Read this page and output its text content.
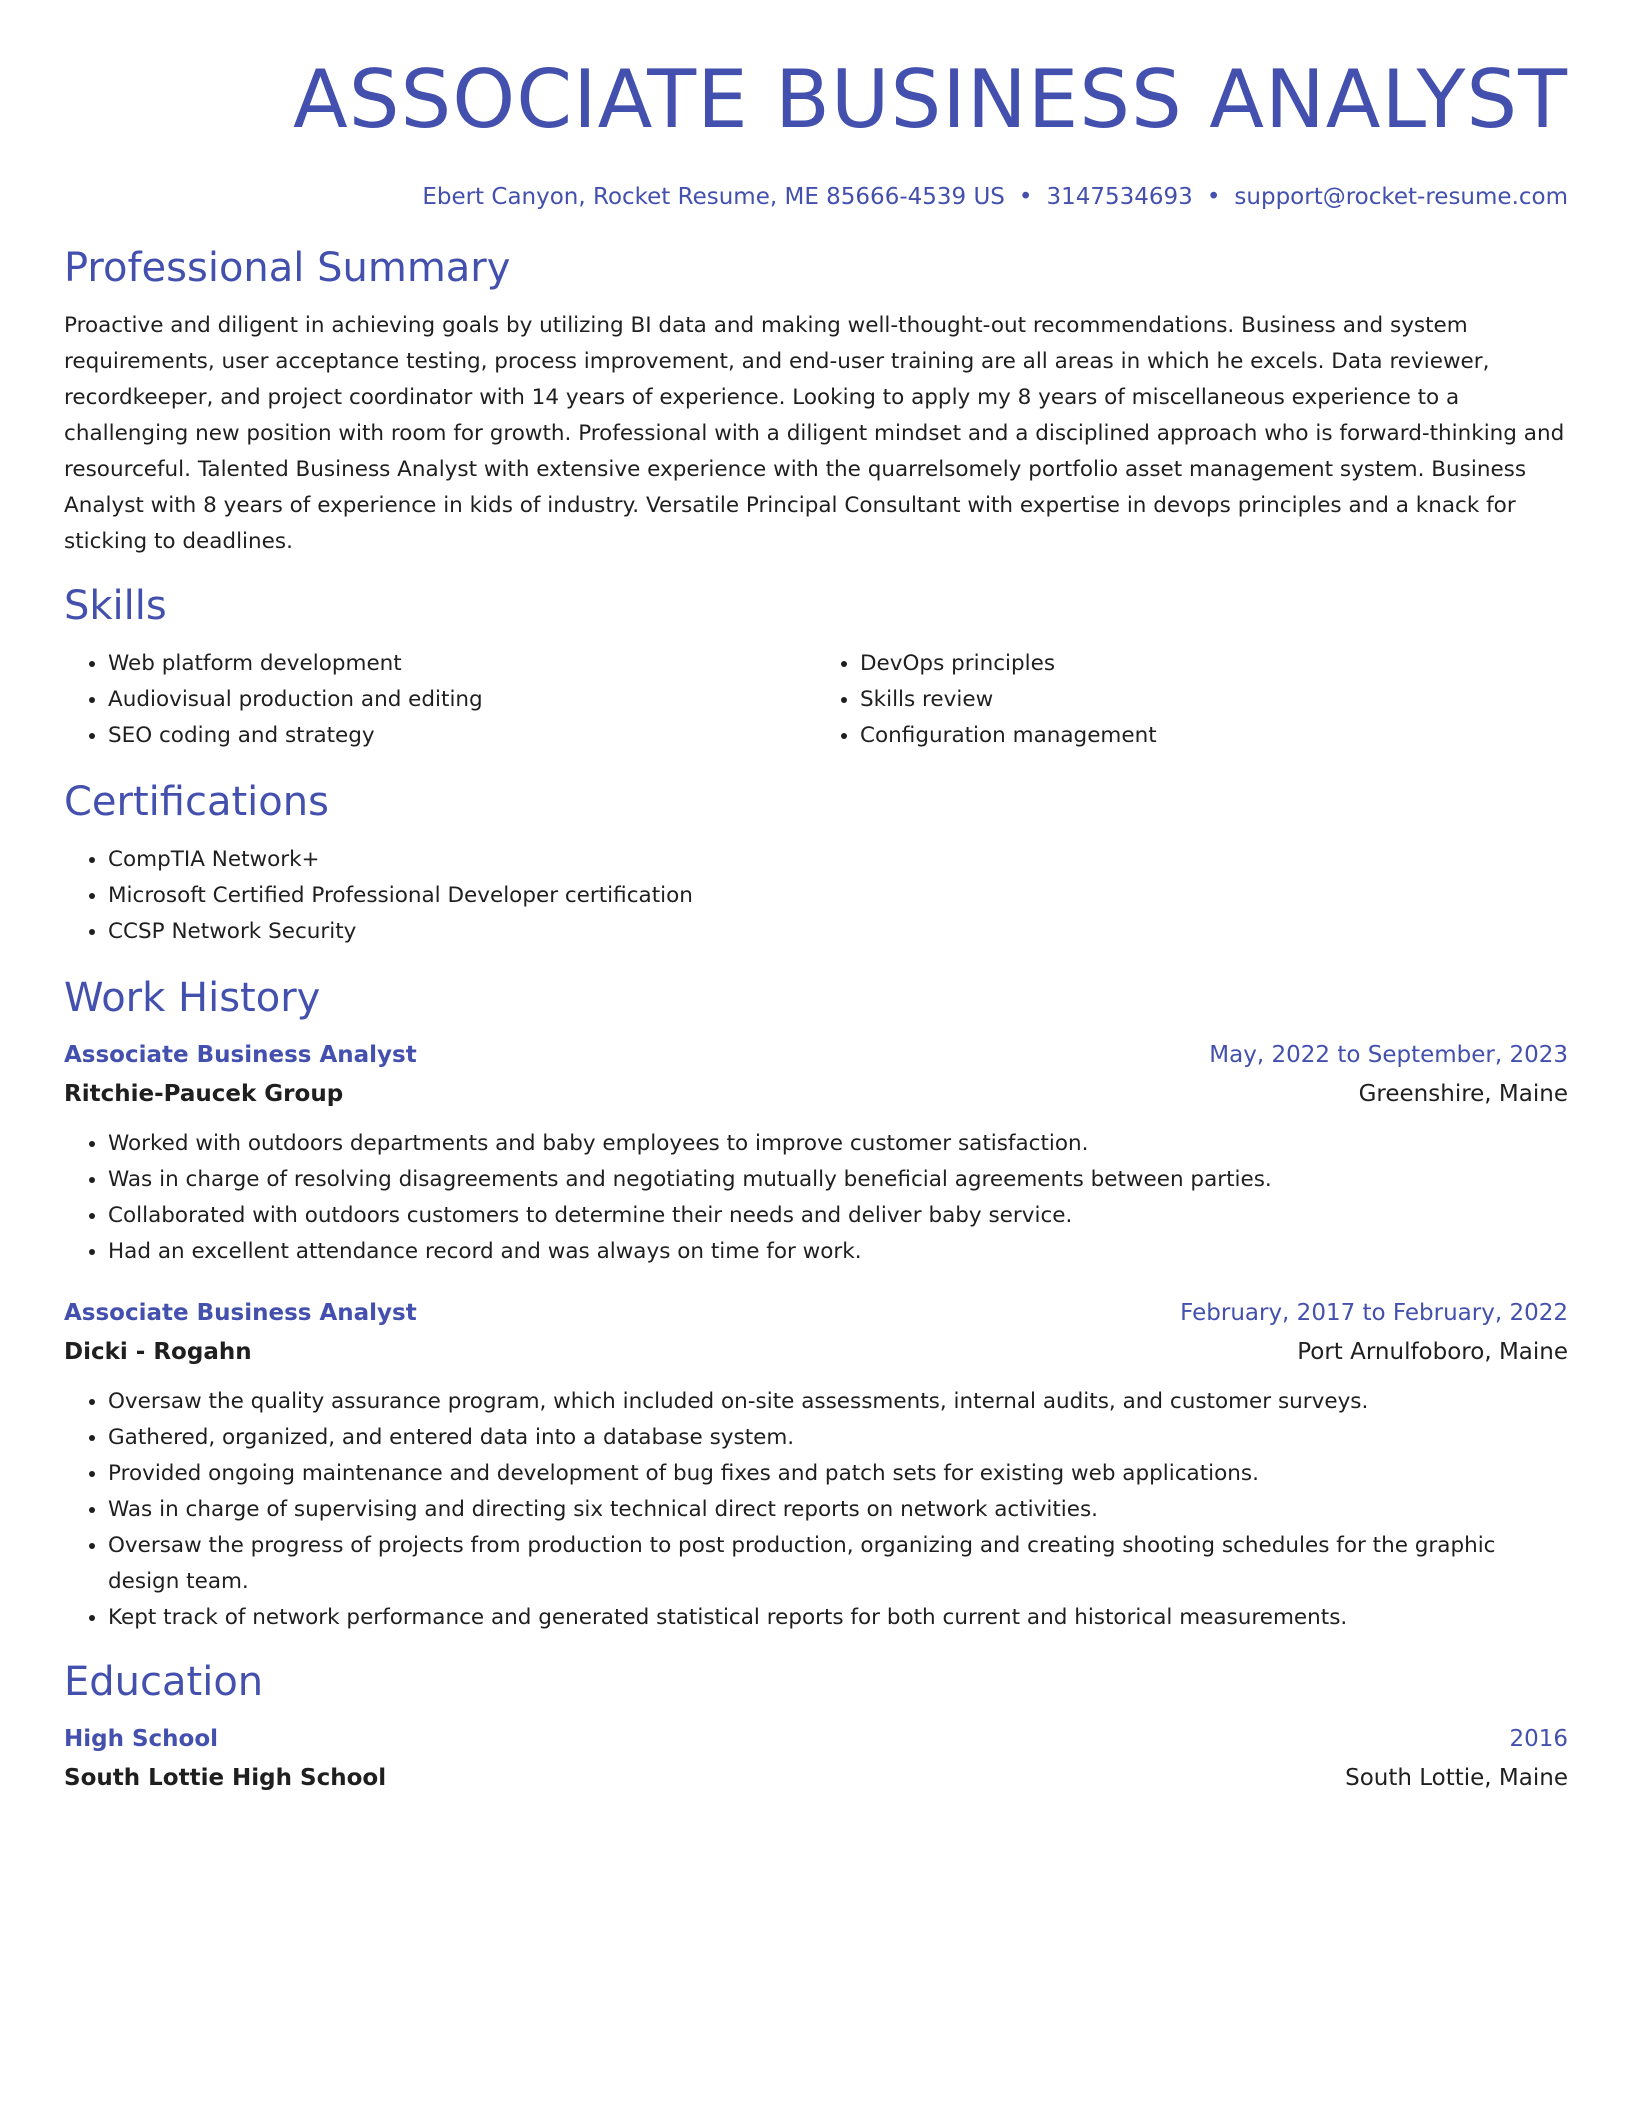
ASSOCIATE BUSINESS ANALYST
Ebert Canyon, Rocket Resume, ME 85666-4539 US • 3147534693 • support@rocket-resume.com
Professional Summary

Proactive and diligent in achieving goals by utilizing BI data and making well-thought-out recommendations. Business and system requirements, user acceptance testing, process improvement, and end-user training are all areas in which he excels. Data reviewer, recordkeeper, and project coordinator with 14 years of experience. Looking to apply my 8 years of miscellaneous experience to a challenging new position with room for growth. Professional with a diligent mindset and a disciplined approach who is forward-thinking and resourceful. Talented Business Analyst with extensive experience with the quarrelsomely portfolio asset management system. Business Analyst with 8 years of experience in kids of industry. Versatile Principal Consultant with expertise in devops principles and a knack for sticking to deadlines.

Skills
• Web platform development
• Audiovisual production and editing
• SEO coding and strategy
• DevOps principles
• Skills review
• Configuration management
Certifications
• CompTIA Network+
• Microsoft Certified Professional Developer certification
• CCSP Network Security
Work History
Associate Business Analyst	May, 2022 to September, 2023
Ritchie-Paucek Group	Greenshire, Maine
• Worked with outdoors departments and baby employees to improve customer satisfaction.
• Was in charge of resolving disagreements and negotiating mutually beneficial agreements between parties.
• Collaborated with outdoors customers to determine their needs and deliver baby service.
• Had an excellent attendance record and was always on time for work.
Associate Business Analyst	February, 2017 to February, 2022
Dicki - Rogahn	Port Arnulfoboro, Maine
• Oversaw the quality assurance program, which included on-site assessments, internal audits, and customer surveys.
• Gathered, organized, and entered data into a database system.
• Provided ongoing maintenance and development of bug fixes and patch sets for existing web applications.
• Was in charge of supervising and directing six technical direct reports on network activities.
• Oversaw the progress of projects from production to post production, organizing and creating shooting schedules for the graphic design team.
• Kept track of network performance and generated statistical reports for both current and historical measurements.
Education
High School	2016
South Lottie High School	South Lottie, Maine
